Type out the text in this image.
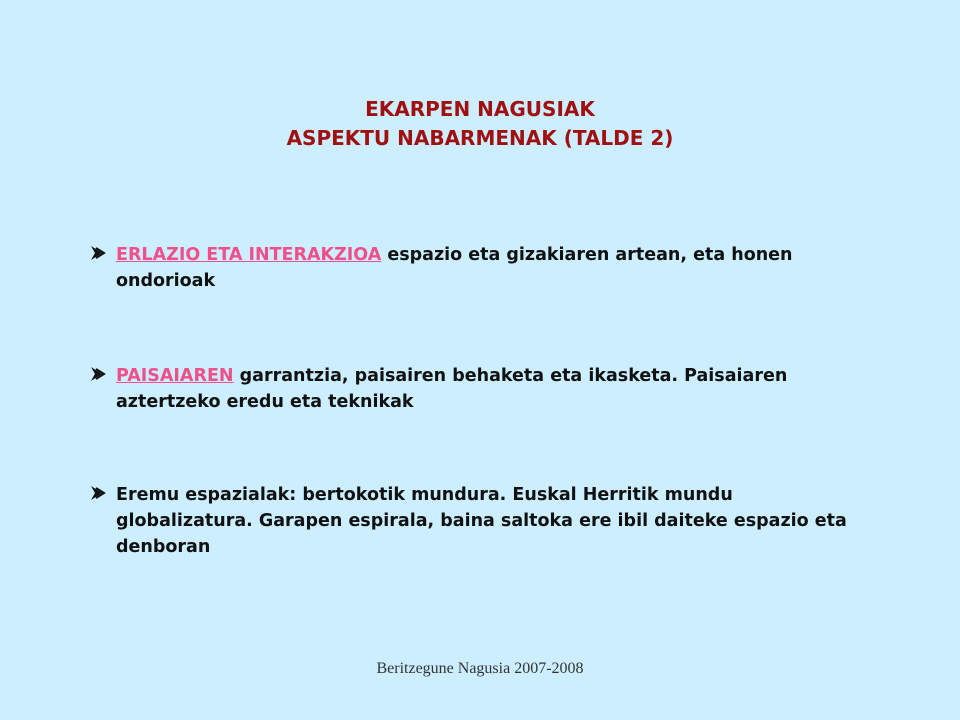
EKARPEN NAGUSIAK
ASPEKTU NABARMENAK (TALDE 2)
ERLAZIO ETA INTERAKZIOA espazio eta gizakiaren artean, eta honen ondorioak
PAISAIAREN garrantzia, paisairen behaketa eta ikasketa. Paisaiaren aztertzeko eredu eta teknikak
Eremu espazialak: bertokotik mundura. Euskal Herritik mundu globalizatura. Garapen espirala, baina saltoka ere ibil daiteke espazio eta denboran
Beritzegune Nagusia 2007-2008
